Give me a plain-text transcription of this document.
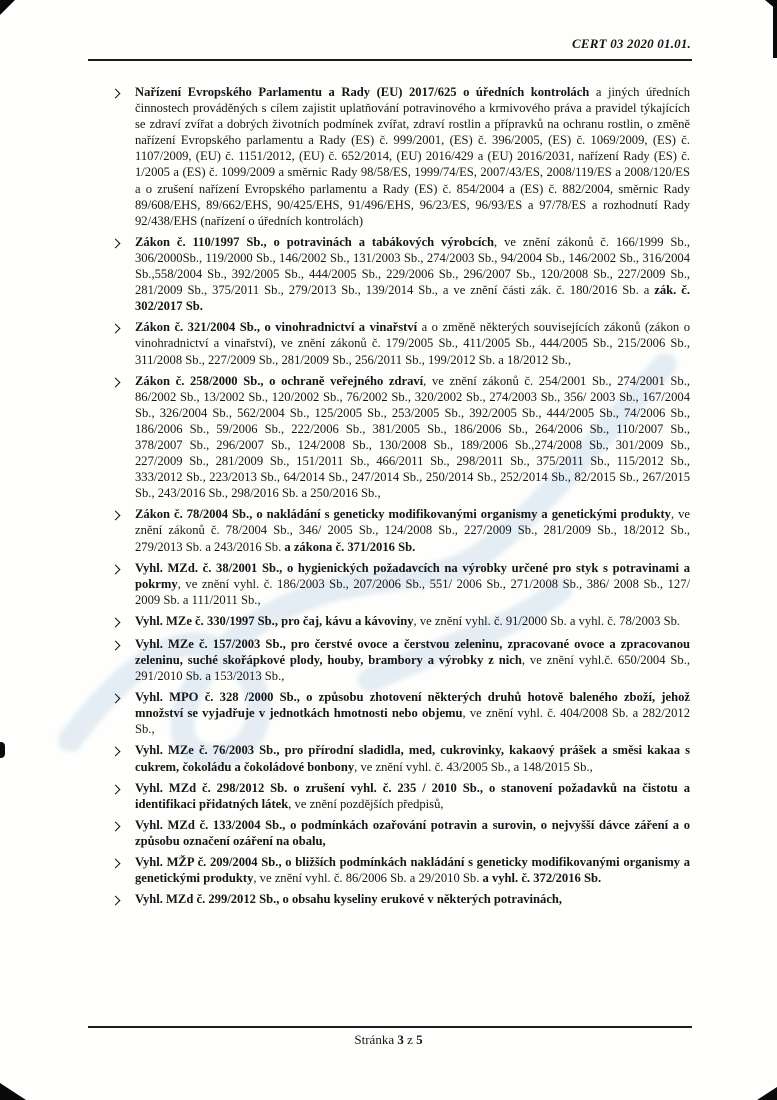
CERT 03 2020 01.01.

Nařízení Evropského Parlamentu a Rady (EU) 2017/625 o úředních kontrolách a jiných úředních činnostech prováděných s cílem zajistit uplatňování potravinového a krmivového práva a pravidel týkajících se zdraví zvířat a dobrých životních podmínek zvířat, zdraví rostlin a přípravků na ochranu rostlin, o změně nařízení Evropského parlamentu a Rady (ES) č. 999/2001, (ES) č. 396/2005, (ES) č. 1069/2009, (ES) č. 1107/2009, (EU) č. 1151/2012, (EU) č. 652/2014, (EU) 2016/429 a (EU) 2016/2031, nařízení Rady (ES) č. 1/2005 a (ES) č. 1099/2009 a směrnic Rady 98/58/ES, 1999/74/ES, 2007/43/ES, 2008/119/ES a 2008/120/ES a o zrušení nařízení Evropského parlamentu a Rady (ES) č. 854/2004 a (ES) č. 882/2004, směrnic Rady 89/608/EHS, 89/662/EHS, 90/425/EHS, 91/496/EHS, 96/23/ES, 96/93/ES a 97/78/ES a rozhodnutí Rady 92/438/EHS (nařízení o úředních kontrolách)

Zákon č. 110/1997 Sb., o potravinách a tabákových výrobcích, ve znění zákonů č. 166/1999 Sb., 306/2000Sb., 119/2000 Sb., 146/2002 Sb., 131/2003 Sb., 274/2003 Sb., 94/2004 Sb., 146/2002 Sb., 316/2004 Sb.,558/2004 Sb., 392/2005 Sb., 444/2005 Sb., 229/2006 Sb., 296/2007 Sb., 120/2008 Sb., 227/2009 Sb., 281/2009 Sb., 375/2011 Sb., 279/2013 Sb., 139/2014 Sb., a ve znění části zák. č. 180/2016 Sb. a zák. č. 302/2017 Sb.

Zákon č. 321/2004 Sb., o vinohradnictví a vinařství a o změně některých souvisejících zákonů (zákon o vinohradnictví a vinařství), ve znění zákonů č. 179/2005 Sb., 411/2005 Sb., 444/2005 Sb., 215/2006 Sb., 311/2008 Sb., 227/2009 Sb., 281/2009 Sb., 256/2011 Sb., 199/2012 Sb. a 18/2012 Sb.,

Zákon č. 258/2000 Sb., o ochraně veřejného zdraví, ve znění zákonů č. 254/2001 Sb., 274/2001 Sb., 86/2002 Sb., 13/2002 Sb., 120/2002 Sb., 76/2002 Sb., 320/2002 Sb., 274/2003 Sb., 356/ 2003 Sb., 167/2004 Sb., 326/2004 Sb., 562/2004 Sb., 125/2005 Sb., 253/2005 Sb., 392/2005 Sb., 444/2005 Sb., 74/2006 Sb., 186/2006 Sb., 59/2006 Sb., 222/2006 Sb., 381/2005 Sb., 186/2006 Sb., 264/2006 Sb., 110/2007 Sb., 378/2007 Sb., 296/2007 Sb., 124/2008 Sb., 130/2008 Sb., 189/2006 Sb.,274/2008 Sb., 301/2009 Sb., 227/2009 Sb., 281/2009 Sb., 151/2011 Sb., 466/2011 Sb., 298/2011 Sb., 375/2011 Sb., 115/2012 Sb., 333/2012 Sb., 223/2013 Sb., 64/2014 Sb., 247/2014 Sb., 250/2014 Sb., 252/2014 Sb., 82/2015 Sb., 267/2015 Sb., 243/2016 Sb., 298/2016 Sb. a 250/2016 Sb.,

Zákon č. 78/2004 Sb., o nakládání s geneticky modifikovanými organismy a genetickými produkty, ve znění zákonů č. 78/2004 Sb., 346/ 2005 Sb., 124/2008 Sb., 227/2009 Sb., 281/2009 Sb., 18/2012 Sb., 279/2013 Sb. a 243/2016 Sb. a zákona č. 371/2016 Sb.

Vyhl. MZd. č. 38/2001 Sb., o hygienických požadavcích na výrobky určené pro styk s potravinami a pokrmy, ve znění vyhl. č. 186/2003 Sb., 207/2006 Sb., 551/ 2006 Sb., 271/2008 Sb., 386/ 2008 Sb., 127/ 2009 Sb. a 111/2011 Sb.,

Vyhl. MZe č. 330/1997 Sb., pro čaj, kávu a kávoviny, ve znění vyhl. č. 91/2000 Sb. a vyhl. č. 78/2003 Sb.

Vyhl. MZe č. 157/2003 Sb., pro čerstvé ovoce a čerstvou zeleninu, zpracované ovoce a zpracovanou zeleninu, suché skořápkové plody, houby, brambory a výrobky z nich, ve znění vyhl.č. 650/2004 Sb., 291/2010 Sb. a 153/2013 Sb.,

Vyhl. MPO č. 328 /2000 Sb., o způsobu zhotovení některých druhů hotově baleného zboží, jehož množství se vyjadřuje v jednotkách hmotnosti nebo objemu, ve znění vyhl. č. 404/2008 Sb. a 282/2012 Sb.,

Vyhl. MZe č. 76/2003 Sb., pro přírodní sladidla, med, cukrovinky, kakaový prášek a směsi kakaa s cukrem, čokoládu a čokoládové bonbony, ve znění vyhl. č. 43/2005 Sb., a 148/2015 Sb.,

Vyhl. MZd č. 298/2012 Sb. o zrušení vyhl. č. 235 / 2010 Sb., o stanovení požadavků na čistotu a identifikaci přidatných látek, ve znění pozdějších předpisů,

Vyhl. MZd č. 133/2004 Sb., o podmínkách ozařování potravin a surovin, o nejvyšší dávce záření a o způsobu označení ozáření na obalu,

Vyhl. MŽP č. 209/2004 Sb., o bližších podmínkách nakládání s geneticky modifikovanými organismy a genetickými produkty, ve znění vyhl. č. 86/2006 Sb. a 29/2010 Sb. a vyhl. č. 372/2016 Sb.

Vyhl. MZd č. 299/2012 Sb., o obsahu kyseliny erukové v některých potravinách,

Stránka 3 z 5
